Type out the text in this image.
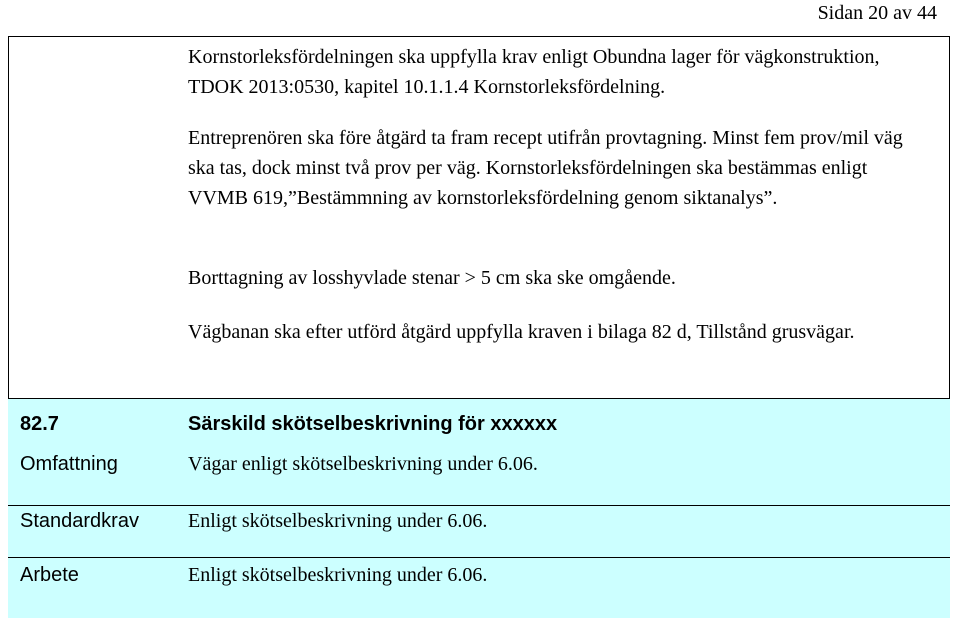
Sidan 20 av 44
Kornstorleksfördelningen ska uppfylla krav enligt Obundna lager för vägkonstruktion, TDOK 2013:0530, kapitel 10.1.1.4 Kornstorleksfördelning.
Entreprenören ska före åtgärd ta fram recept utifrån provtagning. Minst fem prov/mil väg ska tas, dock minst två prov per väg. Kornstorleksfördelningen ska bestämmas enligt VVMB 619,”Bestämmning av kornstorleksfördelning genom siktanalys”.
Borttagning av losshyvlade stenar > 5 cm ska ske omgående.
Vägbanan ska efter utförd åtgärd uppfylla kraven i bilaga 82 d, Tillstånd grusvägar.
82.7	Särskild skötselbeskrivning för xxxxxx
Omfattning	Vägar enligt skötselbeskrivning under 6.06.
Standardkrav Enligt skötselbeskrivning under 6.06.
Arbete	Enligt skötselbeskrivning under 6.06.
